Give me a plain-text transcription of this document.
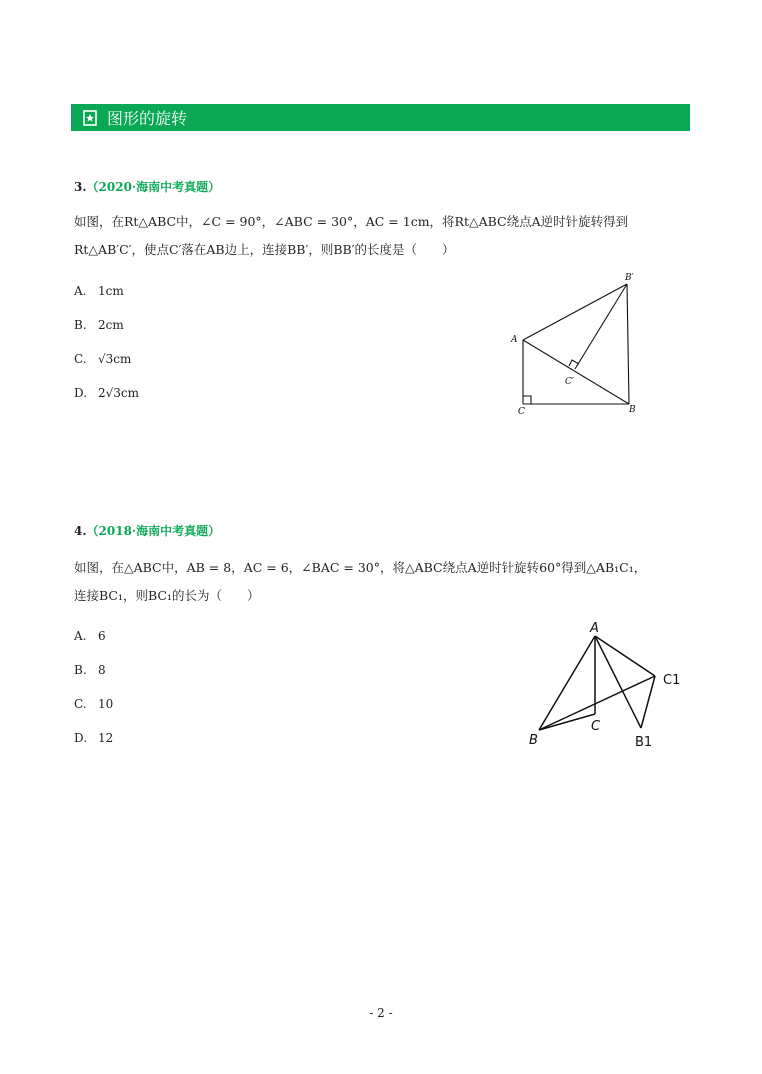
图形的旋转
3.（2020·海南中考真题）
如图，在Rt△ABC中，∠C = 90°，∠ABC = 30°，AC = 1cm，将Rt△ABC绕点A逆时针旋转得到
Rt△AB′C′，使点C′落在AB边上，连接BB′，则BB′的长度是（　　）
A. 1cm
B. 2cm
C. √3cm
D. 2√3cm
A
B′
C	B
C′
4.（2018·海南中考真题）
如图，在△ABC中，AB = 8，AC = 6，∠BAC = 30°，将△ABC绕点A逆时针旋转60°得到△AB₁C₁，
连接BC₁，则BC₁的长为（　　）
A. 6
B. 8
C. 10
D. 12
A
B
C
C1
B1
- 2 -
